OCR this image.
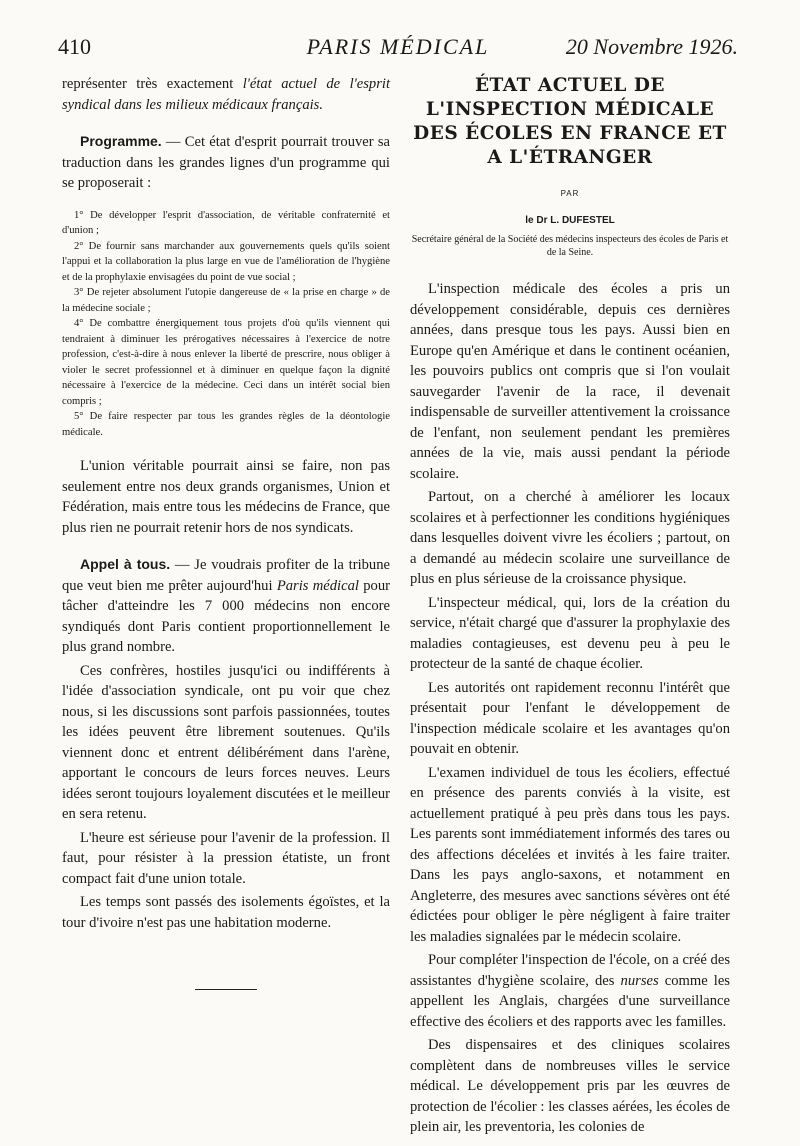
410	PARIS MÉDICAL	20 Novembre 1926.

représenter très exactement l'état actuel de l'esprit syndical dans les milieux médicaux français.

Programme. — Cet état d'esprit pourrait trouver sa traduction dans les grandes lignes d'un programme qui se proposerait :

1° De développer l'esprit d'association, de véritable confraternité et d'union ;
2° De fournir sans marchander aux gouvernements quels qu'ils soient l'appui et la collaboration la plus large en vue de l'amélioration de l'hygiène et de la prophylaxie envisagées du point de vue social ;
3° De rejeter absolument l'utopie dangereuse de « la prise en charge » de la médecine sociale ;
4° De combattre énergiquement tous projets d'où qu'ils viennent qui tendraient à diminuer les prérogatives nécessaires à l'exercice de notre profession, c'est-à-dire à nous enlever la liberté de prescrire, nous obliger à violer le secret professionnel et à diminuer en quelque façon la dignité nécessaire à l'exercice de la médecine. Ceci dans un intérêt social bien compris ;
5° De faire respecter par tous les grandes règles de la déontologie médicale.

L'union véritable pourrait ainsi se faire, non pas seulement entre nos deux grands organismes, Union et Fédération, mais entre tous les médecins de France, que plus rien ne pourrait retenir hors de nos syndicats.

Appel à tous. — Je voudrais profiter de la tribune que veut bien me prêter aujourd'hui Paris médical pour tâcher d'atteindre les 7 000 médecins non encore syndiqués dont Paris contient proportionnellement le plus grand nombre.

Ces confrères, hostiles jusqu'ici ou indifférents à l'idée d'association syndicale, ont pu voir que chez nous, si les discussions sont parfois passionnées, toutes les idées peuvent être librement soutenues. Qu'ils viennent donc et entrent délibérément dans l'arène, apportant le concours de leurs forces neuves. Leurs idées seront toujours loyalement discutées et le meilleur en sera retenu.

L'heure est sérieuse pour l'avenir de la profession. Il faut, pour résister à la pression étatiste, un front compact fait d'une union totale.

Les temps sont passés des isolements égoïstes, et la tour d'ivoire n'est pas une habitation moderne.

ÉTAT ACTUEL DE L'INSPECTION MÉDICALE DES ÉCOLES EN FRANCE ET A L'ÉTRANGER
PAR
le Dr L. DUFESTEL
Secrétaire général de la Société des médecins inspecteurs des écoles de Paris et de la Seine.

L'inspection médicale des écoles a pris un développement considérable, depuis ces dernières années, dans presque tous les pays. Aussi bien en Europe qu'en Amérique et dans le continent océanien, les pouvoirs publics ont compris que si l'on voulait sauvegarder l'avenir de la race, il devenait indispensable de surveiller attentivement la croissance de l'enfant, non seulement pendant les premières années de la vie, mais aussi pendant la période scolaire.

Partout, on a cherché à améliorer les locaux scolaires et à perfectionner les conditions hygiéniques dans lesquelles doivent vivre les écoliers ; partout, on a demandé au médecin scolaire une surveillance de plus en plus sérieuse de la croissance physique.

L'inspecteur médical, qui, lors de la création du service, n'était chargé que d'assurer la prophylaxie des maladies contagieuses, est devenu peu à peu le protecteur de la santé de chaque écolier.

Les autorités ont rapidement reconnu l'intérêt que présentait pour l'enfant le développement de l'inspection médicale scolaire et les avantages qu'on pouvait en obtenir.

L'examen individuel de tous les écoliers, effectué en présence des parents conviés à la visite, est actuellement pratiqué à peu près dans tous les pays. Les parents sont immédiatement informés des tares ou des affections décelées et invités à les faire traiter. Dans les pays anglo-saxons, et notamment en Angleterre, des mesures avec sanctions sévères ont été édictées pour obliger le père négligent à faire traiter les maladies signalées par le médecin scolaire.

Pour compléter l'inspection de l'école, on a créé des assistantes d'hygiène scolaire, des nurses comme les appellent les Anglais, chargées d'une surveillance effective des écoliers et des rapports avec les familles.

Des dispensaires et des cliniques scolaires complètent dans de nombreuses villes le service médical. Le développement pris par les œuvres de protection de l'écolier : les classes aérées, les écoles de plein air, les preventoria, les colonies de
